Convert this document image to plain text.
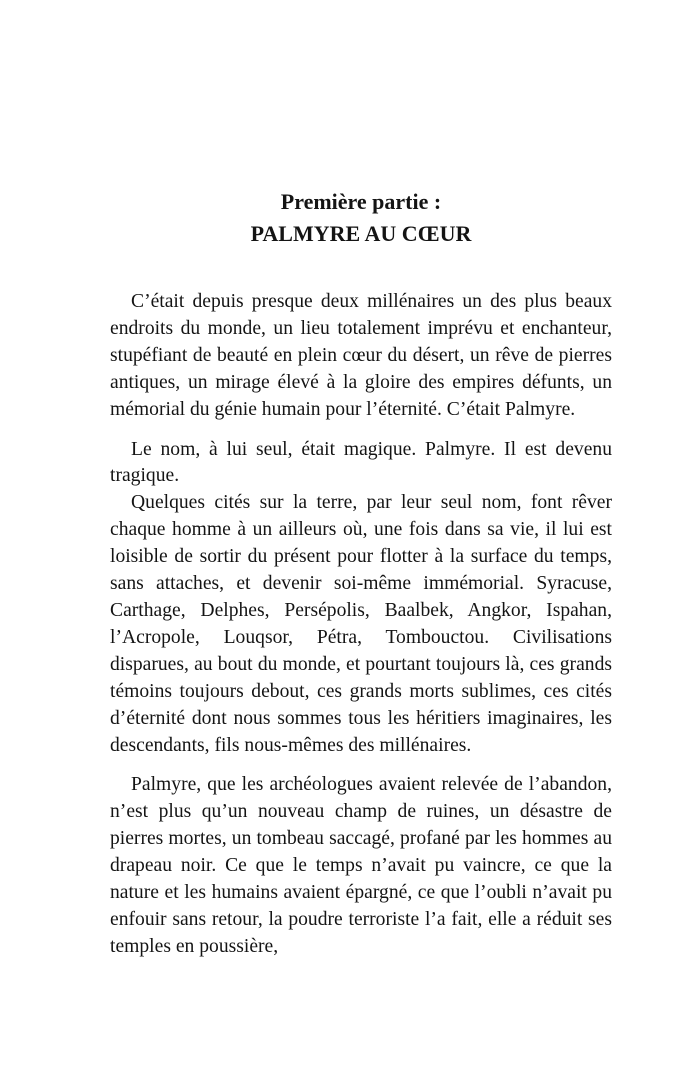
Première partie :
PALMYRE AU CŒUR

C’était depuis presque deux millénaires un des plus beaux endroits du monde, un lieu totalement imprévu et enchanteur, stupéfiant de beauté en plein cœur du désert, un rêve de pierres antiques, un mirage élevé à la gloire des empires défunts, un mémorial du génie humain pour l’éternité. C’était Palmyre.

Le nom, à lui seul, était magique. Palmyre. Il est devenu tragique.

Quelques cités sur la terre, par leur seul nom, font rêver chaque homme à un ailleurs où, une fois dans sa vie, il lui est loisible de sortir du présent pour flotter à la surface du temps, sans attaches, et devenir soi-même immémorial. Syracuse, Carthage, Delphes, Persépolis, Baalbek, Angkor, Ispahan, l’Acropole, Louqsor, Pétra, Tombouctou. Civilisations disparues, au bout du monde, et pourtant toujours là, ces grands témoins toujours debout, ces grands morts sublimes, ces cités d’éternité dont nous sommes tous les héritiers imaginaires, les descendants, fils nous-mêmes des millénaires.

Palmyre, que les archéologues avaient relevée de l’abandon, n’est plus qu’un nouveau champ de ruines, un désastre de pierres mortes, un tombeau saccagé, profané par les hommes au drapeau noir. Ce que le temps n’avait pu vaincre, ce que la nature et les humains avaient épargné, ce que l’oubli n’avait pu enfouir sans retour, la poudre terroriste l’a fait, elle a réduit ses temples en poussière,
